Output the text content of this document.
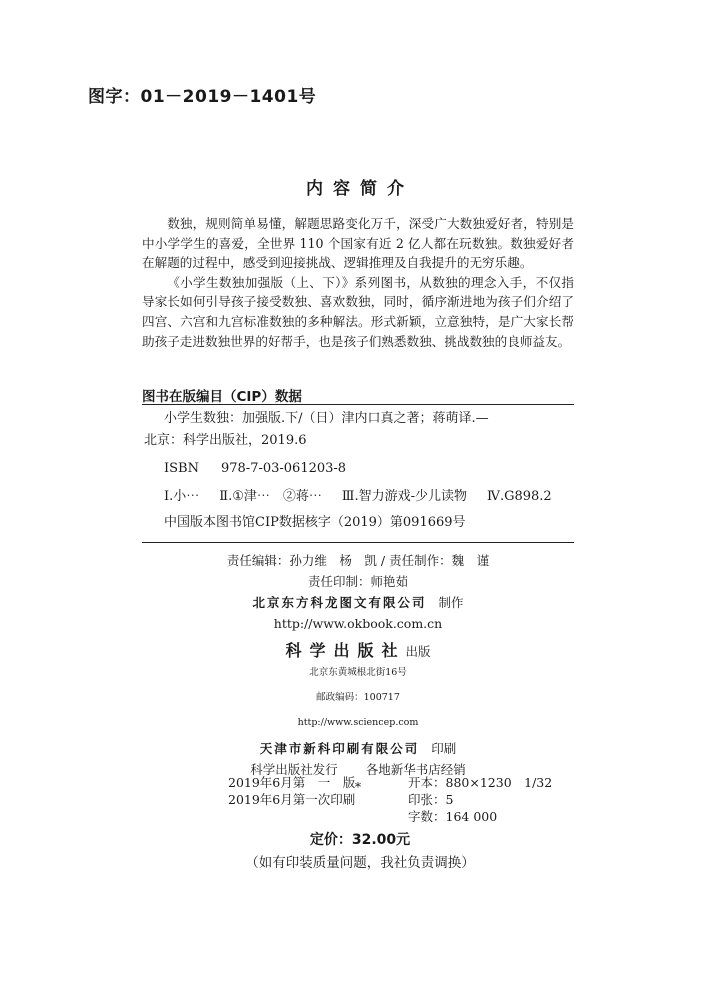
图字：01－2019－1401号
内容简介

数独，规则简单易懂，解题思路变化万千，深受广大数独爱好者，特别是中小学学生的喜爱，全世界 110 个国家有近 2 亿人都在玩数独。数独爱好者在解题的过程中，感受到迎接挑战、逻辑推理及自我提升的无穷乐趣。

《小学生数独加强版（上、下）》系列图书，从数独的理念入手，不仅指导家长如何引导孩子接受数独、喜欢数独，同时，循序渐进地为孩子们介绍了四宫、六宫和九宫标准数独的多种解法。形式新颖，立意独特，是广大家长帮助孩子走进数独世界的好帮手，也是孩子们熟悉数独、挑战数独的良师益友。

图书在版编目（CIP）数据
小学生数独：加强版.下/（日）津内口真之著；蒋萌译.—
北京：科学出版社，2019.6
ISBN 978-7-03-061203-8
Ⅰ.小⋯ Ⅱ.①津⋯　②蒋⋯ Ⅲ.智力游戏-少儿读物 Ⅳ.G898.2
中国版本图书馆CIP数据核字（2019）第091669号
责任编辑：孙力维　杨　凯 / 责任制作：魏　谨
责任印制：师艳茹
北京东方科龙图文有限公司 制作
http://www.okbook.com.cn
科学出版社出版
北京东黄城根北街16号
邮政编码：100717
http://www.sciencep.com
天津市新科印刷有限公司 印刷
科学出版社发行 各地新华书店经销
*
2019年6月第　一　版	开本：880×1230　1/32
2019年6月第一次印刷	印张：5
字数：164 000
定价：32.00元
（如有印装质量问题，我社负责调换）
